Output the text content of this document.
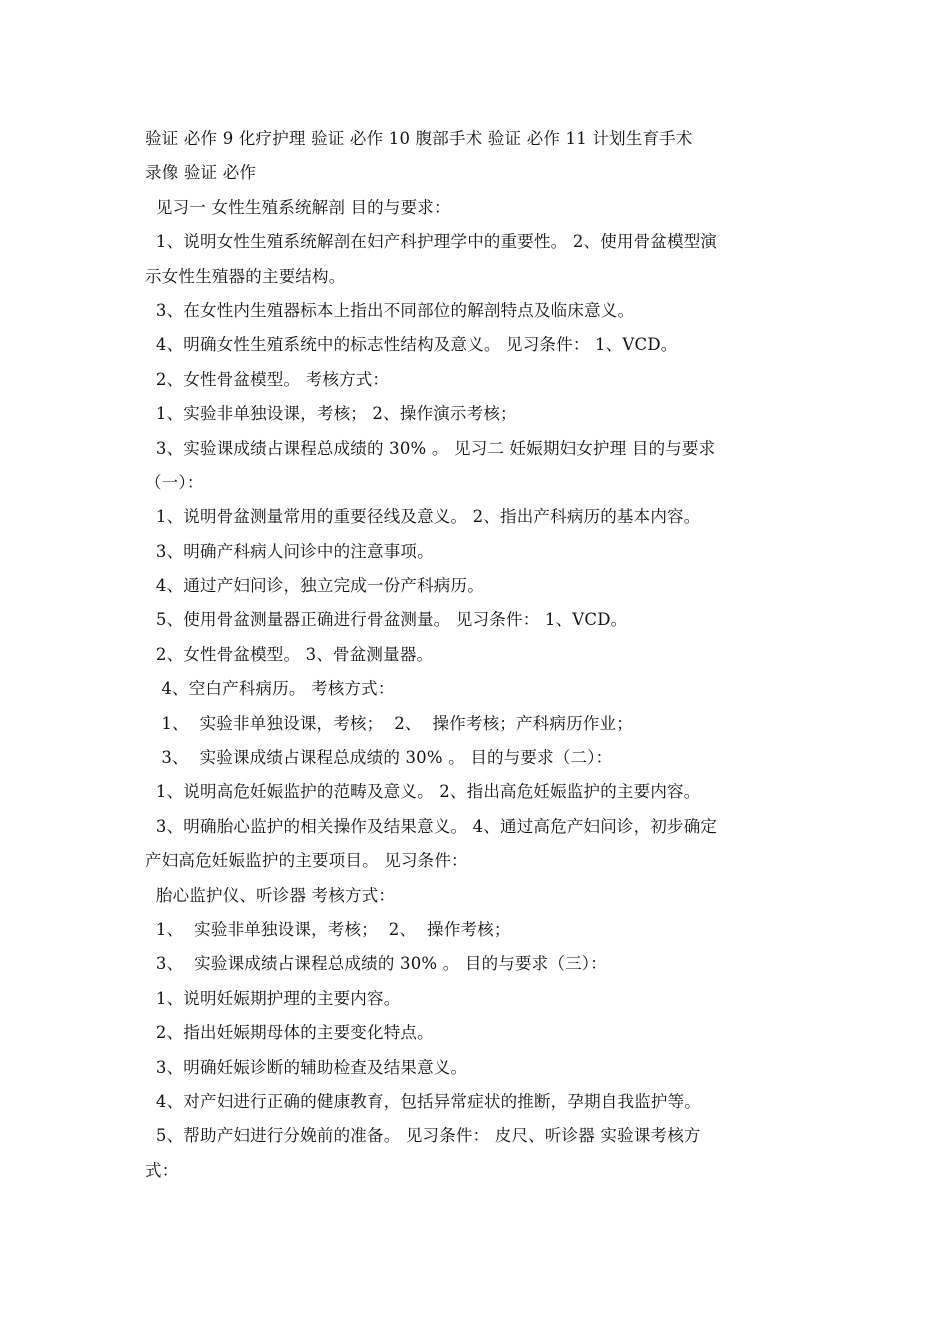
验证 必作 9 化疗护理 验证 必作 10 腹部手术 验证 必作 11 计划生育手术
录像 验证 必作
见习一 女性生殖系统解剖 目的与要求：
1、说明女性生殖系统解剖在妇产科护理学中的重要性。 2、使用骨盆模型演
示女性生殖器的主要结构。
3、在女性内生殖器标本上指出不同部位的解剖特点及临床意义。
4、明确女性生殖系统中的标志性结构及意义。 见习条件： 1、VCD。
2、女性骨盆模型。 考核方式：
1、实验非单独设课，考核； 2、操作演示考核；
3、实验课成绩占课程总成绩的 30% 。 见习二 妊娠期妇女护理 目的与要求
（一）：
1、说明骨盆测量常用的重要径线及意义。 2、指出产科病历的基本内容。
3、明确产科病人问诊中的注意事项。
4、通过产妇问诊，独立完成一份产科病历。
5、使用骨盆测量器正确进行骨盆测量。 见习条件： 1、VCD。
2、女性骨盆模型。 3、骨盆测量器。
4、空白产科病历。 考核方式：
1、  实验非单独设课，考核；  2、  操作考核；产科病历作业；
3、  实验课成绩占课程总成绩的 30% 。 目的与要求（二）：
1、说明高危妊娠监护的范畴及意义。 2、指出高危妊娠监护的主要内容。
3、明确胎心监护的相关操作及结果意义。 4、通过高危产妇问诊，初步确定
产妇高危妊娠监护的主要项目。 见习条件：
胎心监护仪、听诊器 考核方式：
1、  实验非单独设课，考核；  2、  操作考核；
3、  实验课成绩占课程总成绩的 30% 。 目的与要求（三）：
1、说明妊娠期护理的主要内容。
2、指出妊娠期母体的主要变化特点。
3、明确妊娠诊断的辅助检查及结果意义。
4、对产妇进行正确的健康教育，包括异常症状的推断，孕期自我监护等。
5、帮助产妇进行分娩前的准备。 见习条件： 皮尺、听诊器 实验课考核方
式：
